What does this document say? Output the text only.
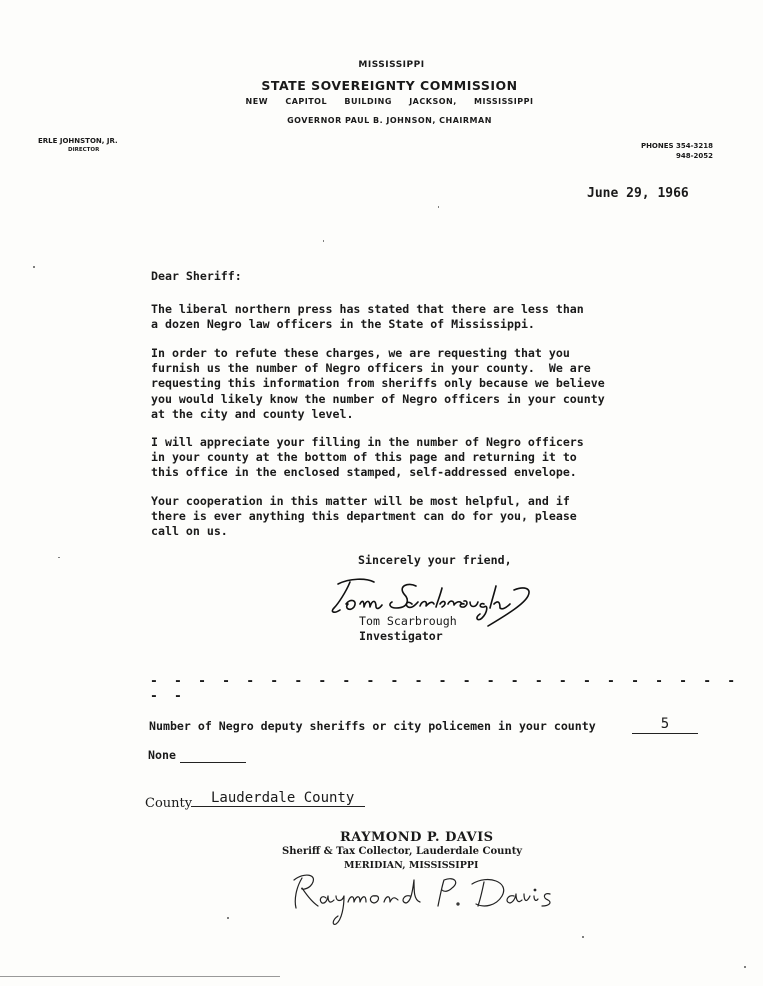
MISSISSIPPI
STATE SOVEREIGNTY COMMISSION
NEW CAPITOL BUILDING JACKSON, MISSISSIPPI
GOVERNOR PAUL B. JOHNSON, CHAIRMAN
ERLE JOHNSTON, JR.
DIRECTOR	PHONES 354-3218
948-2052
June 29, 1966
Dear Sheriff:
The liberal northern press has stated that there are less than
a dozen Negro law officers in the State of Mississippi.
In order to refute these charges, we are requesting that you
furnish us the number of Negro officers in your county.  We are
requesting this information from sheriffs only because we believe
you would likely know the number of Negro officers in your county
at the city and county level.
I will appreciate your filling in the number of Negro officers
in your county at the bottom of this page and returning it to
this office in the enclosed stamped, self-addressed envelope.
Your cooperation in this matter will be most helpful, and if
there is ever anything this department can do for you, please
call on us.
Sincerely your friend,
Tom Scarbrough
Investigator
- - - - - - - - - - - - - - - - - - - - - - - - - - -
Number of Negro deputy sheriffs or city policemen in your county	5
None
County	Lauderdale County
RAYMOND P. DAVIS
Sheriff & Tax Collector, Lauderdale County
MERIDIAN, MISSISSIPPI
